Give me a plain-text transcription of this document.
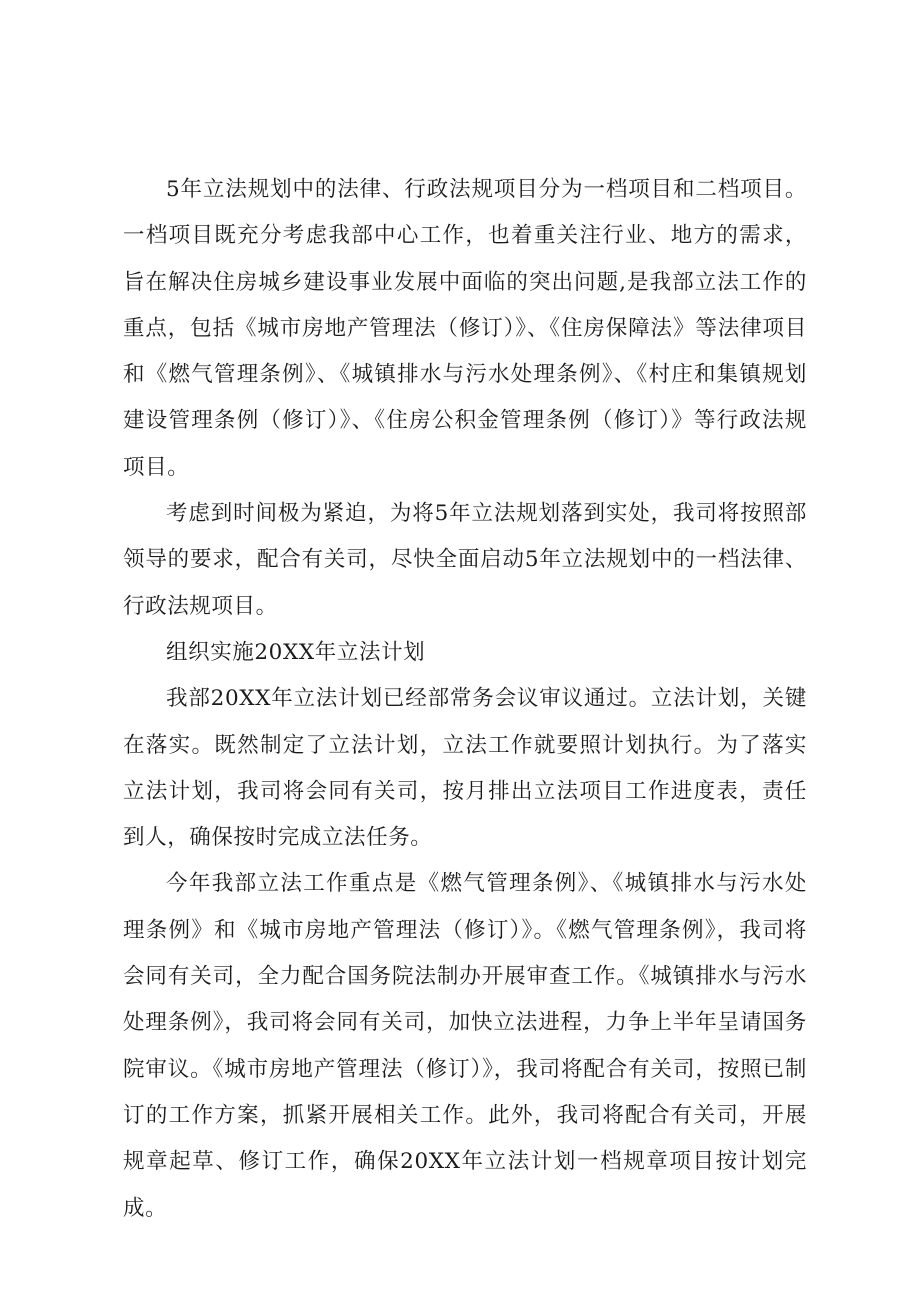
5年立法规划中的法律、行政法规项目分为一档项目和二档项目。一档项目既充分考虑我部中心工作，也着重关注行业、地方的需求，旨在解决住房城乡建设事业发展中面临的突出问题,是我部立法工作的重点，包括《城市房地产管理法（修订）》、《住房保障法》等法律项目和《燃气管理条例》、《城镇排水与污水处理条例》、《村庄和集镇规划建设管理条例（修订）》、《住房公积金管理条例（修订）》等行政法规项目。

考虑到时间极为紧迫，为将5年立法规划落到实处，我司将按照部领导的要求，配合有关司，尽快全面启动5年立法规划中的一档法律、行政法规项目。

组织实施20XX年立法计划

我部20XX年立法计划已经部常务会议审议通过。立法计划，关键在落实。既然制定了立法计划，立法工作就要照计划执行。为了落实立法计划，我司将会同有关司，按月排出立法项目工作进度表，责任到人，确保按时完成立法任务。

今年我部立法工作重点是《燃气管理条例》、《城镇排水与污水处理条例》和《城市房地产管理法（修订）》。《燃气管理条例》，我司将会同有关司，全力配合国务院法制办开展审查工作。《城镇排水与污水处理条例》，我司将会同有关司，加快立法进程，力争上半年呈请国务院审议。《城市房地产管理法（修订）》，我司将配合有关司，按照已制订的工作方案，抓紧开展相关工作。此外，我司将配合有关司，开展规章起草、修订工作，确保20XX年立法计划一档规章项目按计划完成。
